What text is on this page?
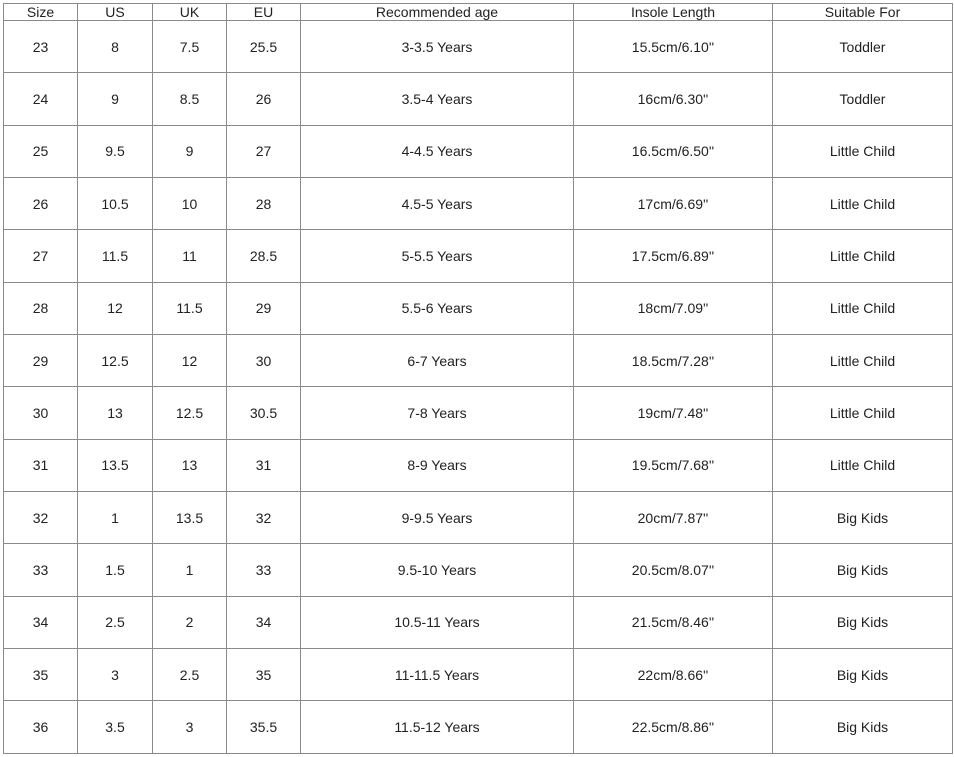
Size	US	UK	EU	Recommended age	Insole Length	Suitable For
23	8	7.5	25.5	3-3.5 Years	15.5cm/6.10''	Toddler
24	9	8.5	26	3.5-4 Years	16cm/6.30''	Toddler
25	9.5	9	27	4-4.5 Years	16.5cm/6.50''	Little Child
26	10.5	10	28	4.5-5 Years	17cm/6.69''	Little Child
27	11.5	11	28.5	5-5.5 Years	17.5cm/6.89''	Little Child
28	12	11.5	29	5.5-6 Years	18cm/7.09''	Little Child
29	12.5	12	30	6-7 Years	18.5cm/7.28''	Little Child
30	13	12.5	30.5	7-8 Years	19cm/7.48''	Little Child
31	13.5	13	31	8-9 Years	19.5cm/7.68''	Little Child
32	1	13.5	32	9-9.5 Years	20cm/7.87''	Big Kids
33	1.5	1	33	9.5-10 Years	20.5cm/8.07''	Big Kids
34	2.5	2	34	10.5-11 Years	21.5cm/8.46''	Big Kids
35	3	2.5	35	11-11.5 Years	22cm/8.66''	Big Kids
36	3.5	3	35.5	11.5-12 Years	22.5cm/8.86''	Big Kids
